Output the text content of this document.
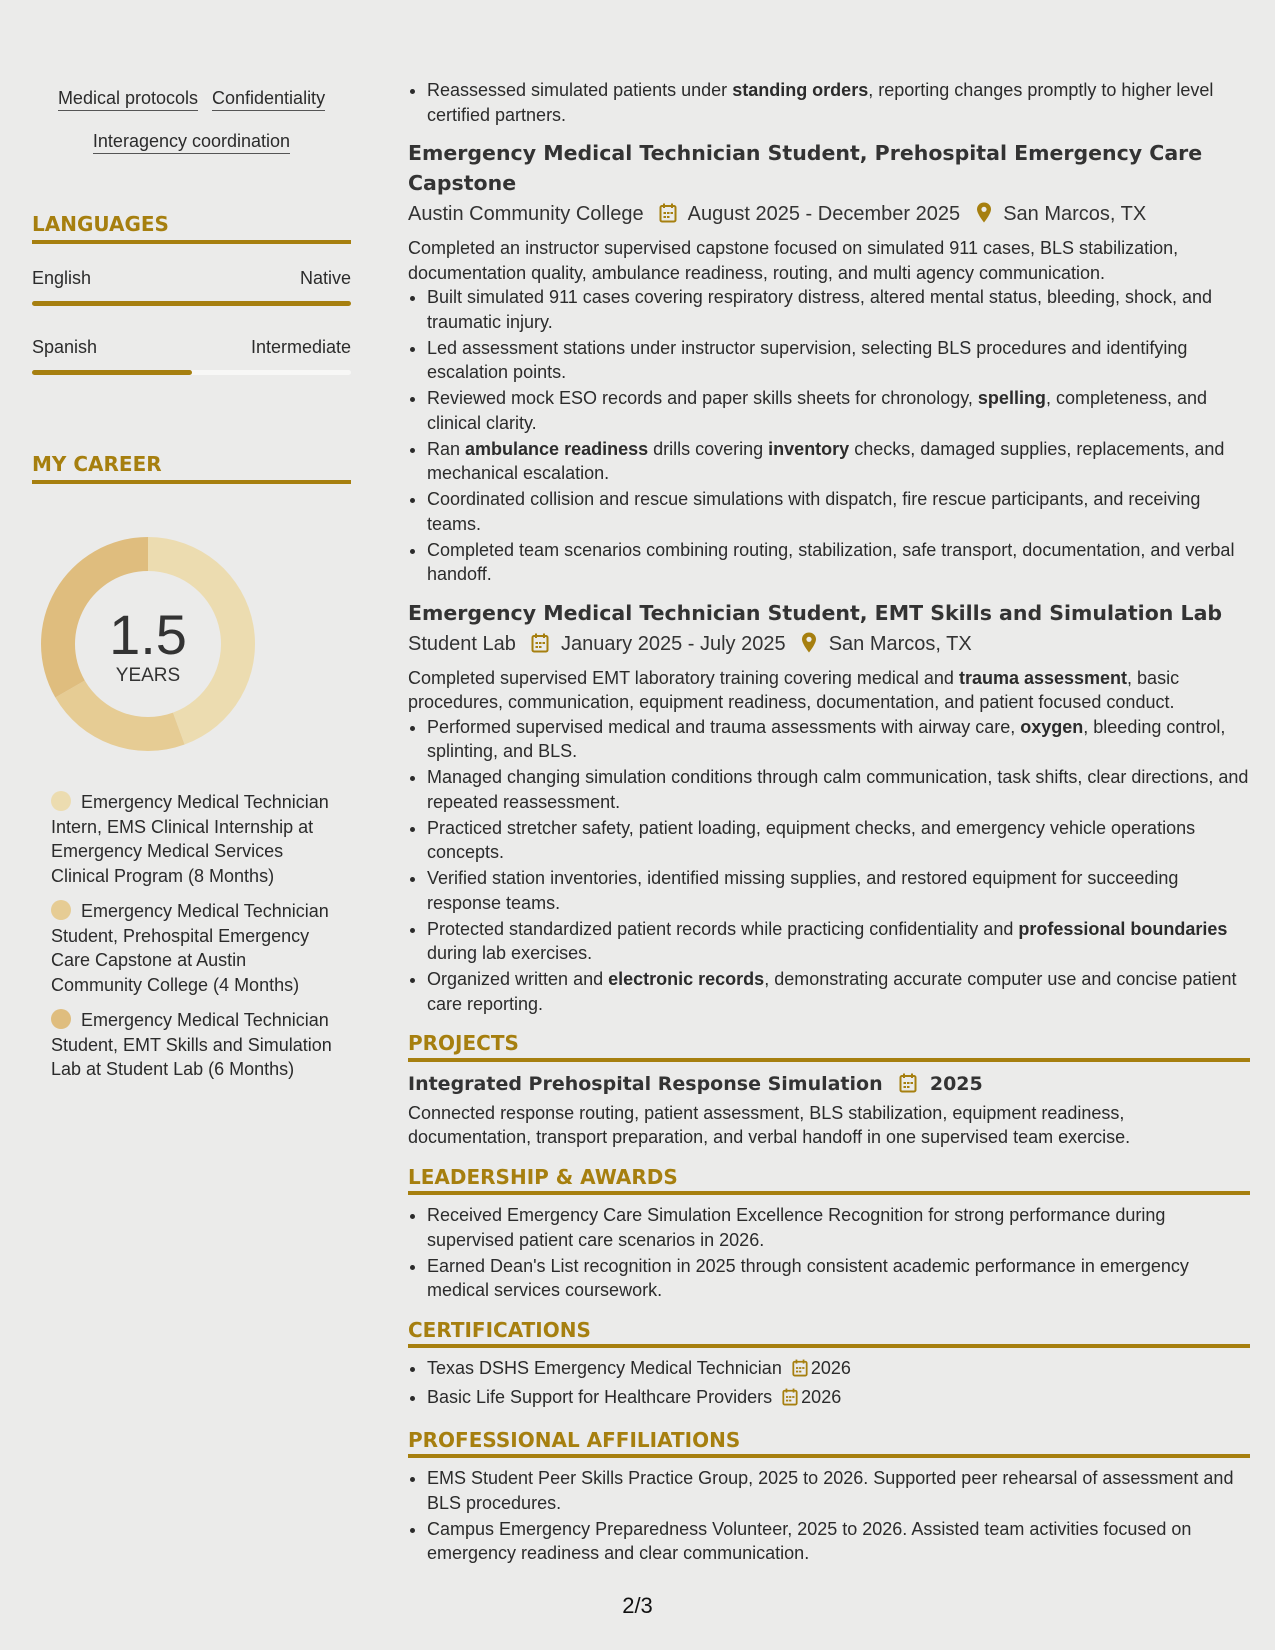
Medical protocols Confidentiality
Interagency coordination
LANGUAGES
English	Native
Spanish	Intermediate
MY CAREER
1.5
YEARS
Emergency Medical Technician Intern, EMS Clinical Internship at Emergency Medical Services Clinical Program (8 Months)
Emergency Medical Technician Student, Prehospital Emergency Care Capstone at Austin Community College (4 Months)
Emergency Medical Technician Student, EMT Skills and Simulation Lab at Student Lab (6 Months)
• Reassessed simulated patients under standing orders, reporting changes promptly to higher level certified partners.
Emergency Medical Technician Student, Prehospital Emergency Care Capstone
Austin Community College August 2025 - December 2025 San Marcos, TX

Completed an instructor supervised capstone focused on simulated 911 cases, BLS stabilization, documentation quality, ambulance readiness, routing, and multi agency communication.

• Built simulated 911 cases covering respiratory distress, altered mental status, bleeding, shock, and traumatic injury.
• Led assessment stations under instructor supervision, selecting BLS procedures and identifying escalation points.
• Reviewed mock ESO records and paper skills sheets for chronology, spelling, completeness, and clinical clarity.
• Ran ambulance readiness drills covering inventory checks, damaged supplies, replacements, and mechanical escalation.
• Coordinated collision and rescue simulations with dispatch, fire rescue participants, and receiving teams.
• Completed team scenarios combining routing, stabilization, safe transport, documentation, and verbal handoff.
Emergency Medical Technician Student, EMT Skills and Simulation Lab
Student Lab January 2025 - July 2025 San Marcos, TX

Completed supervised EMT laboratory training covering medical and trauma assessment, basic procedures, communication, equipment readiness, documentation, and patient focused conduct.

• Performed supervised medical and trauma assessments with airway care, oxygen, bleeding control, splinting, and BLS.
• Managed changing simulation conditions through calm communication, task shifts, clear directions, and repeated reassessment.
• Practiced stretcher safety, patient loading, equipment checks, and emergency vehicle operations concepts.
• Verified station inventories, identified missing supplies, and restored equipment for succeeding response teams.
• Protected standardized patient records while practicing confidentiality and professional boundaries during lab exercises.
• Organized written and electronic records, demonstrating accurate computer use and concise patient care reporting.
PROJECTS
Integrated Prehospital Response Simulation 2025

Connected response routing, patient assessment, BLS stabilization, equipment readiness, documentation, transport preparation, and verbal handoff in one supervised team exercise.

LEADERSHIP & AWARDS
• Received Emergency Care Simulation Excellence Recognition for strong performance during supervised patient care scenarios in 2026.
• Earned Dean's List recognition in 2025 through consistent academic performance in emergency medical services coursework.
CERTIFICATIONS
• Texas DSHS Emergency Medical Technician 2026
• Basic Life Support for Healthcare Providers 2026
PROFESSIONAL AFFILIATIONS
• EMS Student Peer Skills Practice Group, 2025 to 2026. Supported peer rehearsal of assessment and BLS procedures.
• Campus Emergency Preparedness Volunteer, 2025 to 2026. Assisted team activities focused on emergency readiness and clear communication.
2/3
